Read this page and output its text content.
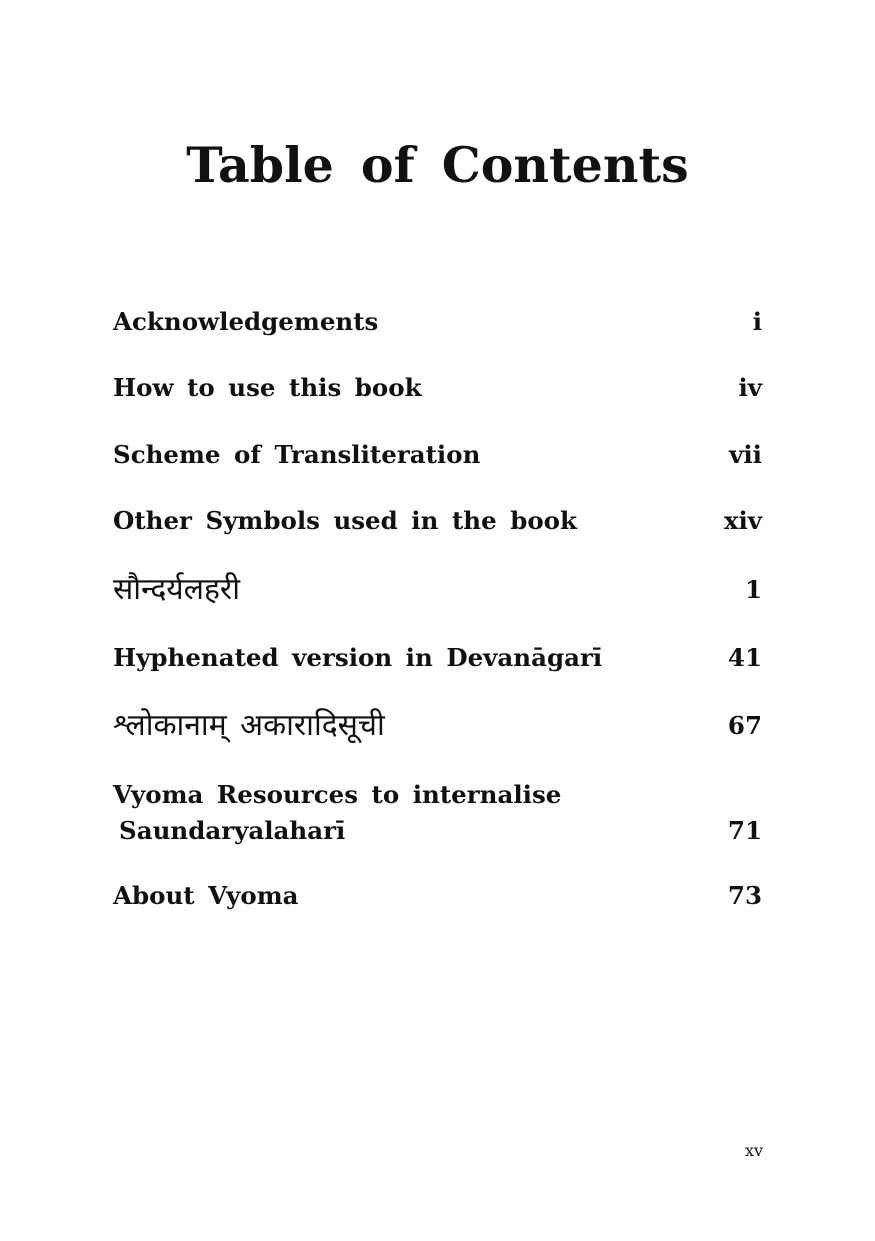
Table of Contents
Acknowledgements	i
How to use this book	iv
Scheme of Transliteration	vii
Other Symbols used in the book	xiv
सौन्दर्यलहरी	1
Hyphenated version in Devanāgarī	41
श्लोकानाम् अकारादिसूची	67
Vyoma Resources to internalise
Saundaryalaharī	71
About Vyoma	73
xv
